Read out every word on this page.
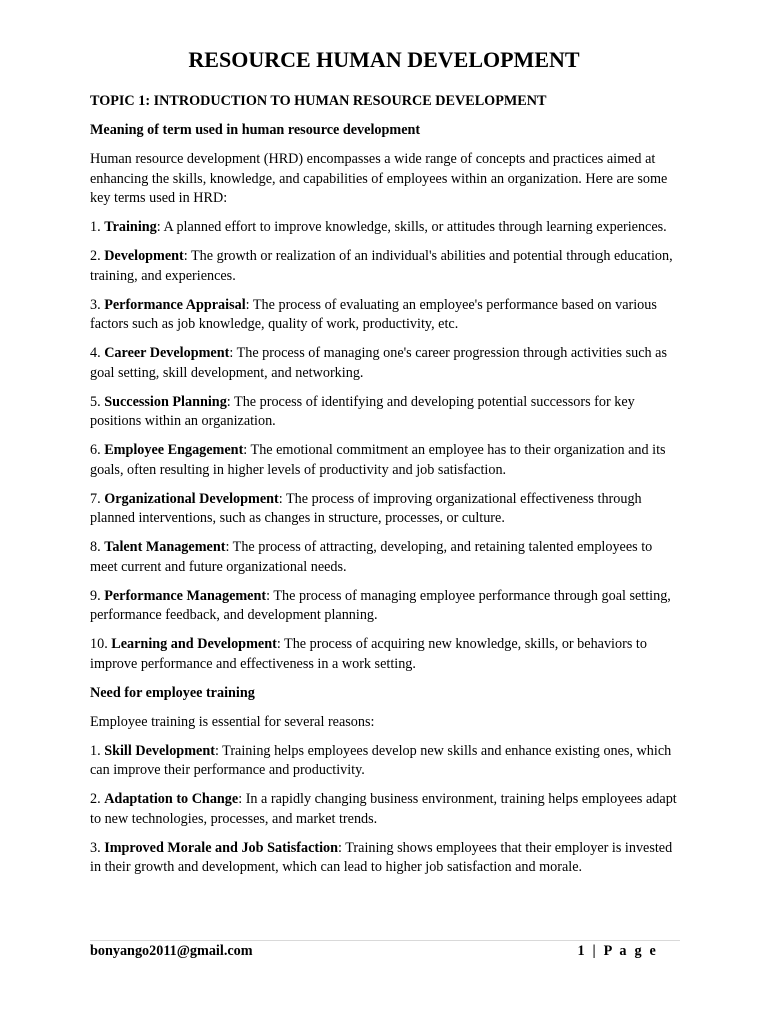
RESOURCE HUMAN DEVELOPMENT
TOPIC 1: INTRODUCTION TO HUMAN RESOURCE DEVELOPMENT
Meaning of term used in human resource development

Human resource development (HRD) encompasses a wide range of concepts and practices aimed at enhancing the skills, knowledge, and capabilities of employees within an organization. Here are some key terms used in HRD:

1. Training: A planned effort to improve knowledge, skills, or attitudes through learning experiences.

2. Development: The growth or realization of an individual's abilities and potential through education, training, and experiences.

3. Performance Appraisal: The process of evaluating an employee's performance based on various factors such as job knowledge, quality of work, productivity, etc.

4. Career Development: The process of managing one's career progression through activities such as goal setting, skill development, and networking.

5. Succession Planning: The process of identifying and developing potential successors for key positions within an organization.

6. Employee Engagement: The emotional commitment an employee has to their organization and its goals, often resulting in higher levels of productivity and job satisfaction.

7. Organizational Development: The process of improving organizational effectiveness through planned interventions, such as changes in structure, processes, or culture.

8. Talent Management: The process of attracting, developing, and retaining talented employees to meet current and future organizational needs.

9. Performance Management: The process of managing employee performance through goal setting, performance feedback, and development planning.

10. Learning and Development: The process of acquiring new knowledge, skills, or behaviors to improve performance and effectiveness in a work setting.

Need for employee training

Employee training is essential for several reasons:

1. Skill Development: Training helps employees develop new skills and enhance existing ones, which can improve their performance and productivity.

2. Adaptation to Change: In a rapidly changing business environment, training helps employees adapt to new technologies, processes, and market trends.

3. Improved Morale and Job Satisfaction: Training shows employees that their employer is invested in their growth and development, which can lead to higher job satisfaction and morale.

bonyango2011@gmail.com	1 | P a g e
